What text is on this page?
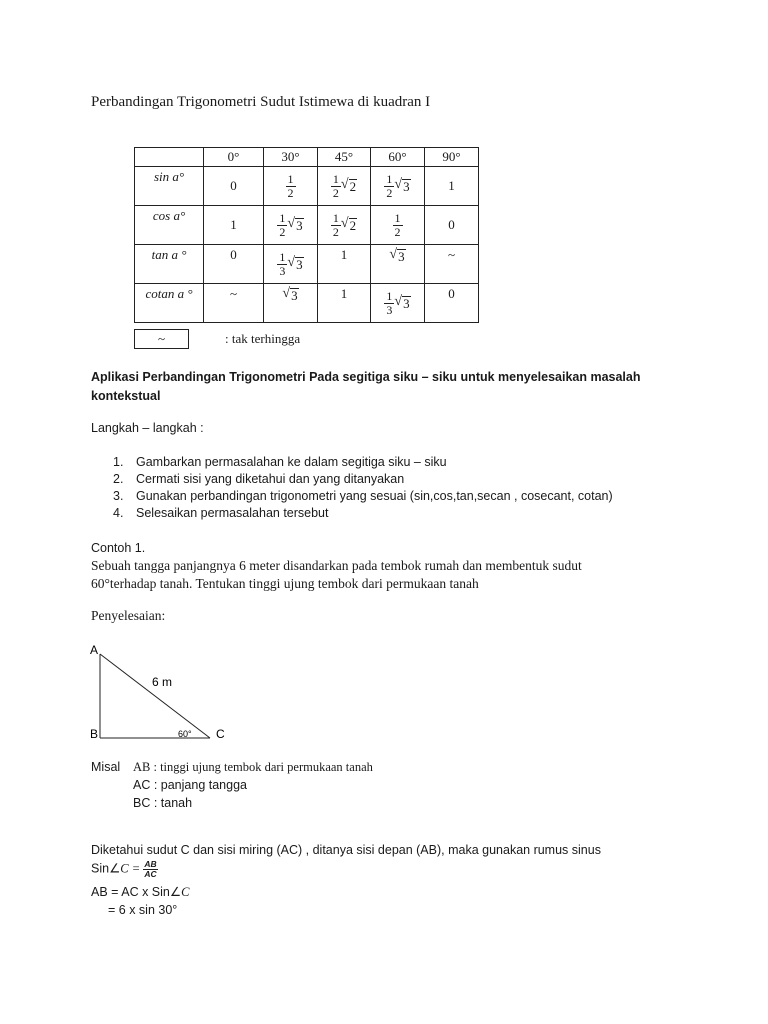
Perbandingan Trigonometri Sudut Istimewa di kuadran I
	0°	30°	45°	60°	90°
sin a°	0	$\frac{1}{2}$	$\frac{1}{2}$ √ 2	$\frac{1}{2}$ √ 3	1
cos a°	1	$\frac{1}{2}$ √ 3	$\frac{1}{2}$ √ 2	$\frac{1}{2}$	0
tan a °	0	$\frac{1}{3}$ √ 3	1	√ 3	~
cotan a °	~	√ 3	1	$\frac{1}{3}$ √ 3	0
~	: tak terhingga
Aplikasi Perbandingan Trigonometri Pada segitiga siku – siku untuk menyelesaikan masalah kontekstual
Langkah – langkah :
1. Gambarkan permasalahan ke dalam segitiga siku – siku
2. Cermati sisi yang diketahui dan yang ditanyakan
3. Gunakan perbandingan trigonometri yang sesuai (sin,cos,tan,secan , cosecant, cotan)
4. Selesaikan permasalahan tersebut
Contoh 1.
Sebuah tangga panjangnya 6 meter disandarkan pada tembok rumah dan membentuk sudut
60°terhadap tanah. Tentukan tinggi ujung tembok dari permukaan tanah
Penyelesaian:
A
B	C
6 m
60°
Misal AB : tinggi ujung tembok dari permukaan tanah
AC : panjang tangga
BC : tanah
Diketahui sudut C dan sisi miring (AC) , ditanya sisi depan (AB), maka gunakan rumus sinus
Sin∠C = $\frac{AB}{AC}$
AB = AC x Sin∠C
= 6 x sin 30°
